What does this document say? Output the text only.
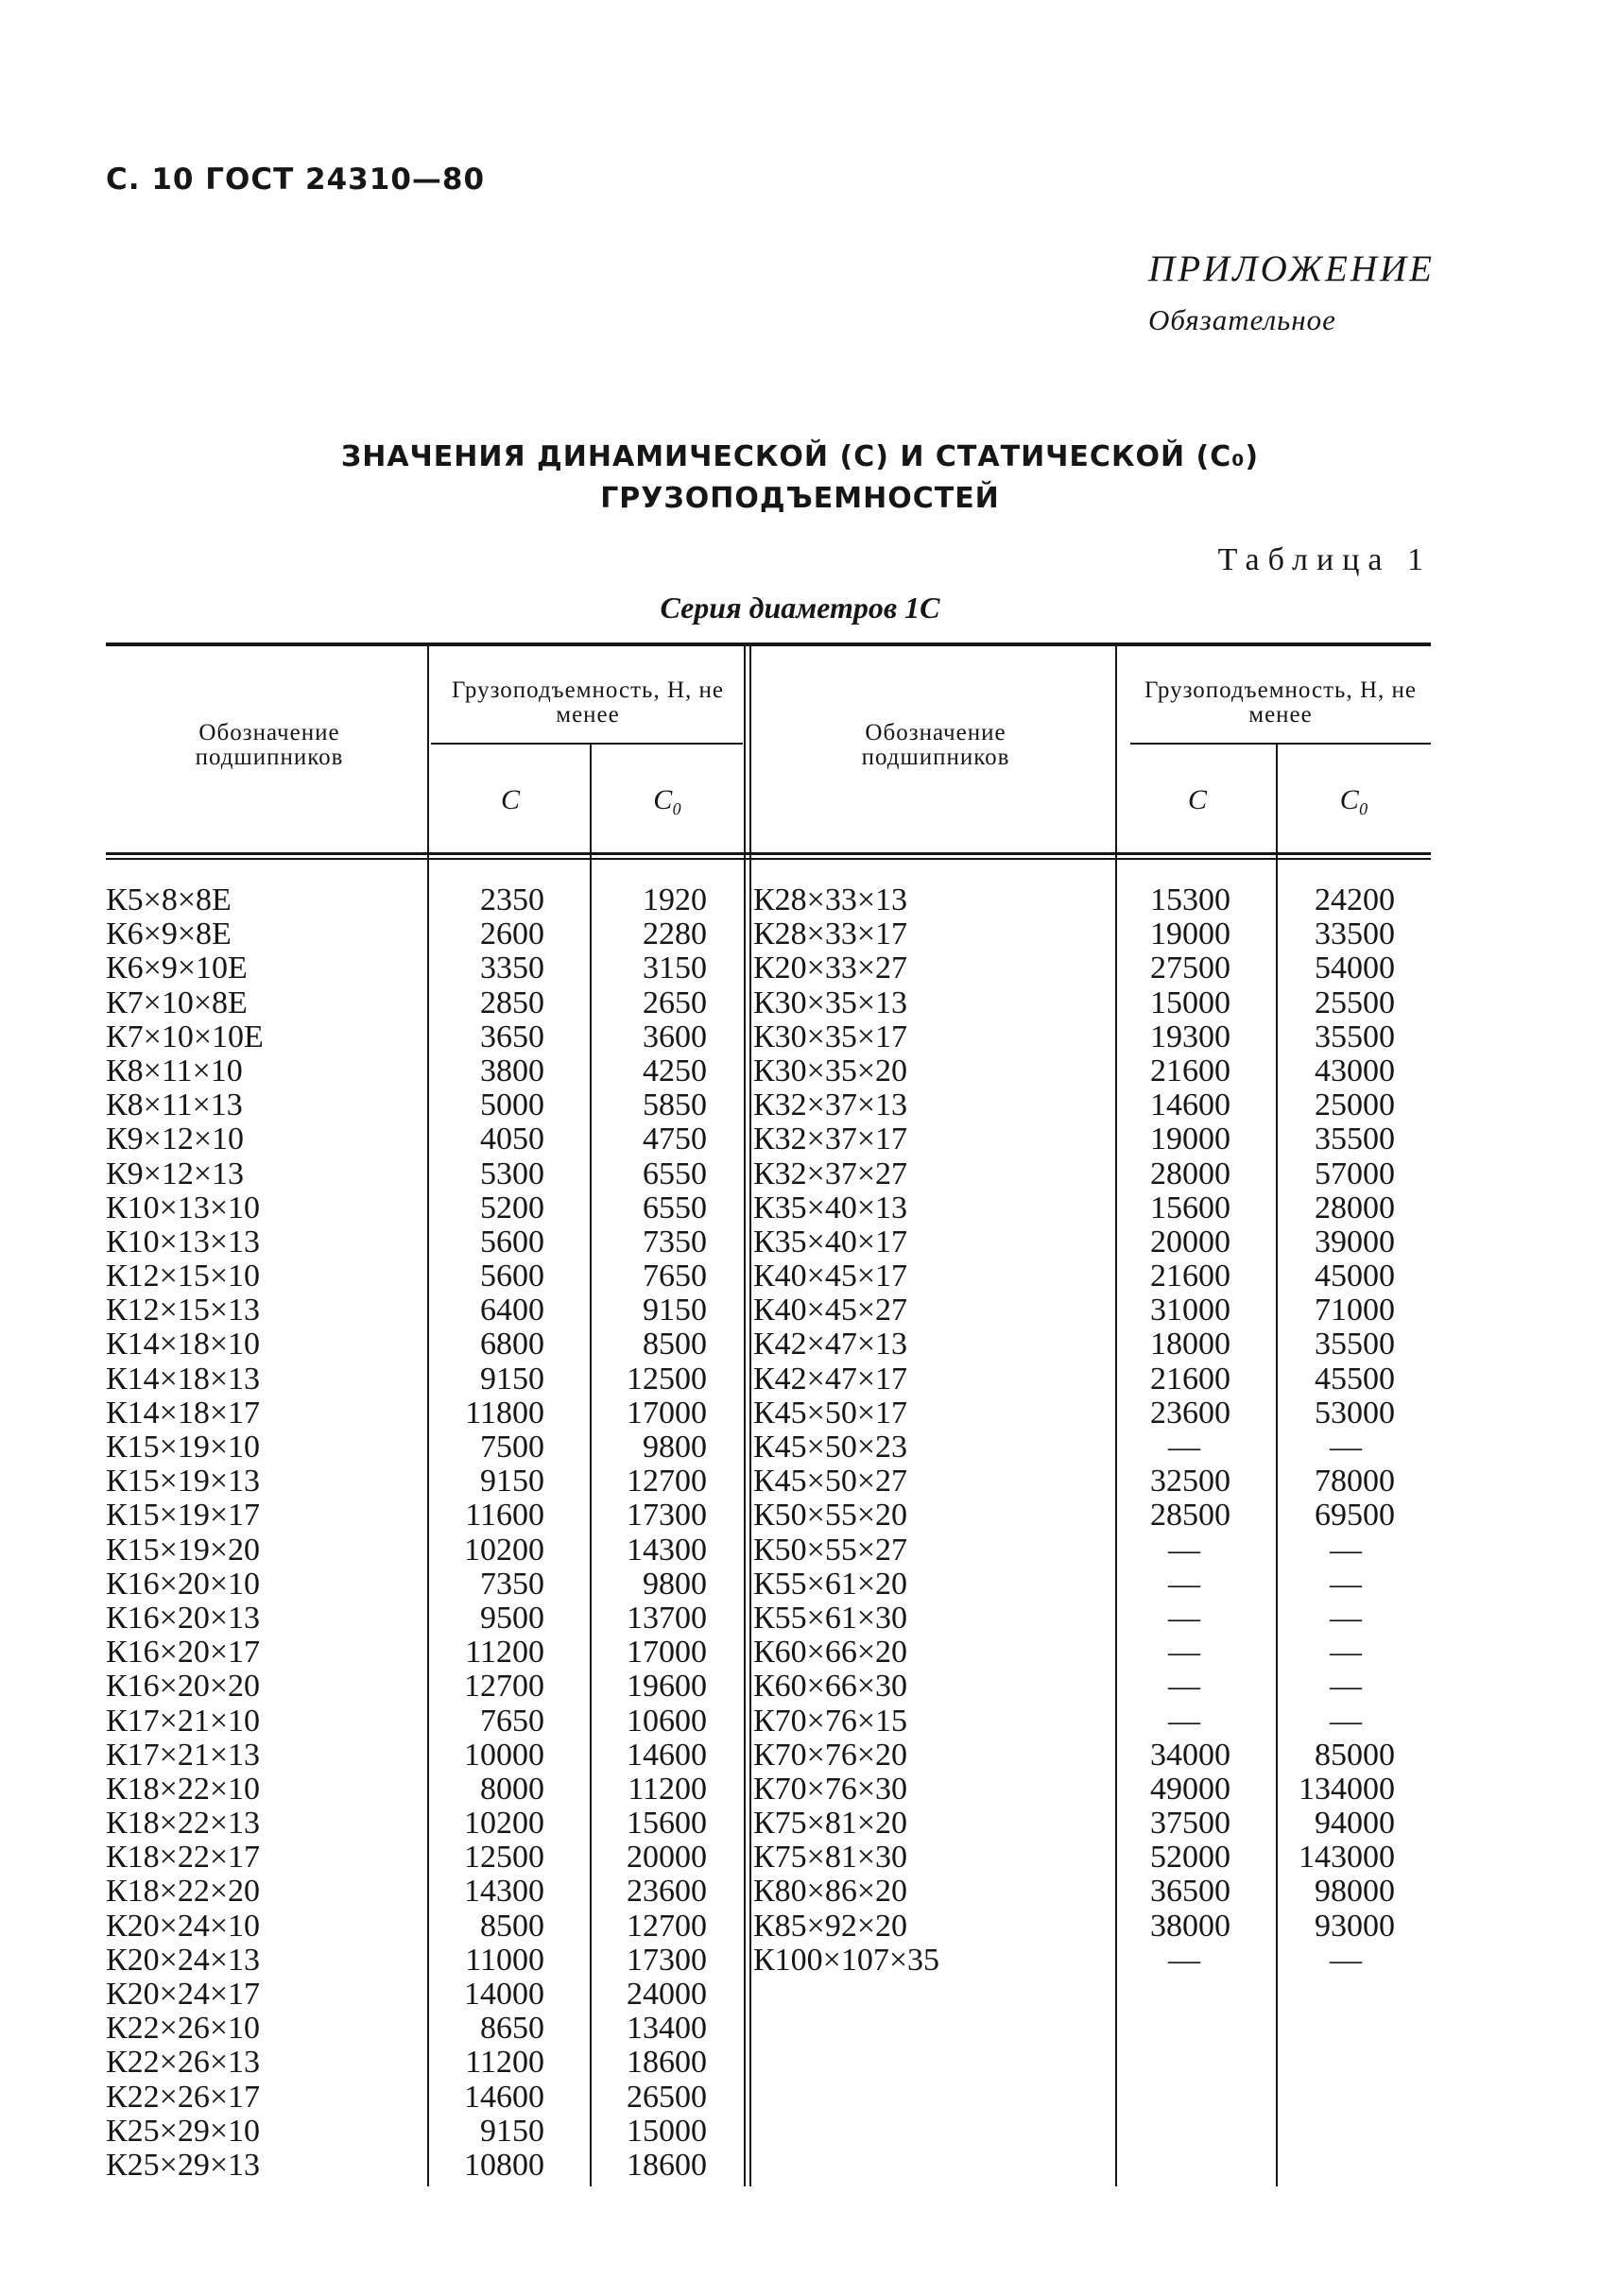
С. 10 ГОСТ 24310—80
ПРИЛОЖЕНИЕ
Обязательное
ЗНАЧЕНИЯ ДИНАМИЧЕСКОЙ (C) И СТАТИЧЕСКОЙ (C₀)
ГРУЗОПОДЪЕМНОСТЕЙ
Таблица 1
Серия диаметров 1С
Обозначение подшипников
Грузоподъемность, Н, не менее
C	C₀
Обозначение подшипников
Грузоподъемность, Н, не менее
C	C₀
К5×8×8Е
К6×9×8Е
К6×9×10Е
К7×10×8Е
К7×10×10Е
К8×11×10
К8×11×13
К9×12×10
К9×12×13
К10×13×10
К10×13×13
К12×15×10
К12×15×13
К14×18×10
К14×18×13
К14×18×17
К15×19×10
К15×19×13
К15×19×17
К15×19×20
К16×20×10
К16×20×13
К16×20×17
К16×20×20
К17×21×10
К17×21×13
К18×22×10
К18×22×13
К18×22×17
К18×22×20
К20×24×10
К20×24×13
К20×24×17
К22×26×10
К22×26×13
К22×26×17
К25×29×10
К25×29×13
2350
2600
3350
2850
3650
3800
5000
4050
5300
5200
5600
5600
6400
6800
9150
11800
7500
9150
11600
10200
7350
9500
11200
12700
7650
10000
8000
10200
12500
14300
8500
11000
14000
8650
11200
14600
9150
10800
1920
2280
3150
2650
3600
4250
5850
4750
6550
6550
7350
7650
9150
8500
12500
17000
9800
12700
17300
14300
9800
13700
17000
19600
10600
14600
11200
15600
20000
23600
12700
17300
24000
13400
18600
26500
15000
18600
К28×33×13
К28×33×17
К20×33×27
К30×35×13
К30×35×17
К30×35×20
К32×37×13
К32×37×17
К32×37×27
К35×40×13
К35×40×17
К40×45×17
К40×45×27
К42×47×13
К42×47×17
К45×50×17
К45×50×23
К45×50×27
К50×55×20
К50×55×27
К55×61×20
К55×61×30
К60×66×20
К60×66×30
К70×76×15
К70×76×20
К70×76×30
К75×81×20
К75×81×30
К80×86×20
К85×92×20
К100×107×35
15300
19000
27500
15000
19300
21600
14600
19000
28000
15600
20000
21600
31000
18000
21600
23600
—
32500
28500
—
—
—
—
—
—
34000
49000
37500
52000
36500
38000
—
24200
33500
54000
25500
35500
43000
25000
35500
57000
28000
39000
45000
71000
35500
45500
53000
—
78000
69500
—
—
—
—
—
—
85000
134000
94000
143000
98000
93000
—
